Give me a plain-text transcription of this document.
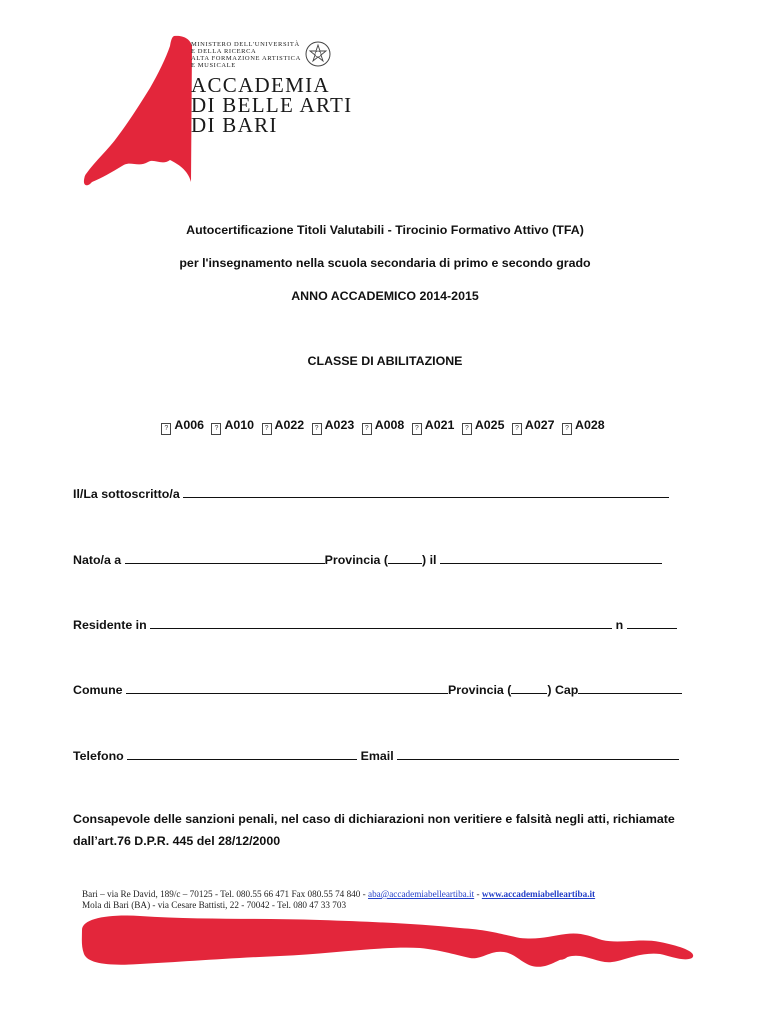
MINISTERO DELL'UNIVERSITÀ
E DELLA RICERCA
ALTA FORMAZIONE ARTISTICA
E MUSICALE
ACCADEMIA
DI BELLE ARTI
DI BARI
Autocertificazione Titoli Valutabili - Tirocinio Formativo Attivo (TFA)
per l'insegnamento nella scuola secondaria di primo e secondo grado
ANNO ACCADEMICO 2014-2015
CLASSE DI ABILITAZIONE
? A006 ? A010 ? A022 ? A023 ? A008 ? A021 ? A025 ? A027 ? A028
Il/La sottoscritto/a
Nato/a a	Provincia (	) il
Residente in	n
Comune	Provincia (	) Cap
Telefono	Email
Consapevole delle sanzioni penali, nel caso di dichiarazioni non veritiere e falsità negli atti, richiamate dall’art.76 D.P.R. 445 del 28/12/2000
Bari – via Re David, 189/c – 70125 - Tel. 080.55 66 471 Fax 080.55 74 840 - aba@accademiabelleartiba.it - www.accademiabelleartiba.it
Mola di Bari (BA) - via Cesare Battisti, 22 - 70042 - Tel. 080 47 33 703
